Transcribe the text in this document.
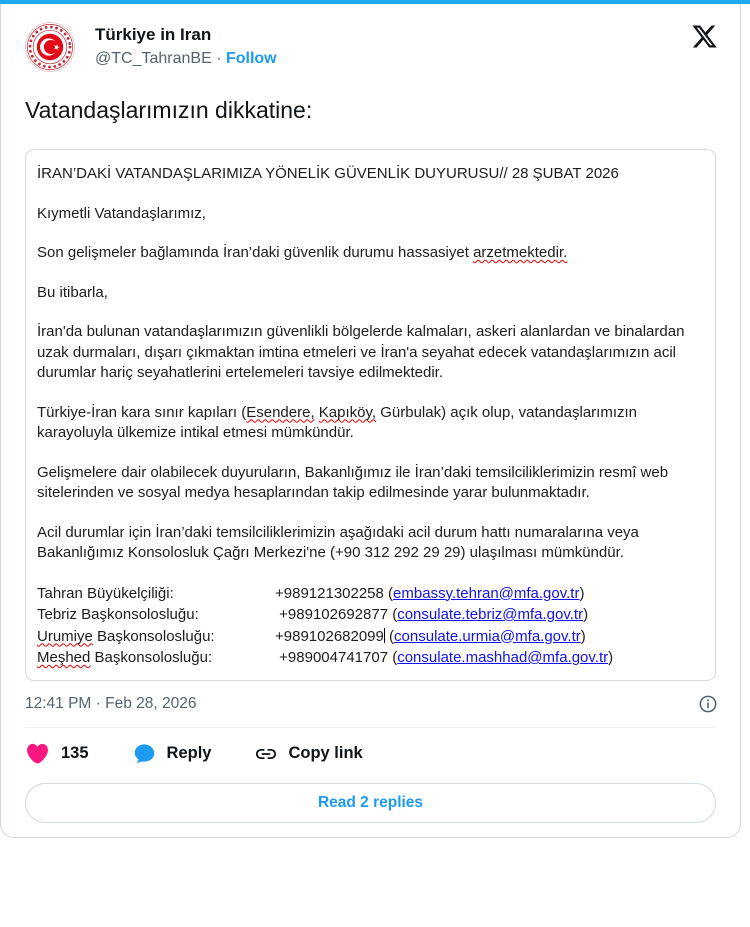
Türkiye in Iran
@TC_TahranBE · Follow
Vatandaşlarımızın dikkatine:

İRAN’DAKİ VATANDAŞLARIMIZA YÖNELİK GÜVENLİK DUYURUSU// 28 ŞUBAT 2026

Kıymetli Vatandaşlarımız,

Son gelişmeler bağlamında İran’daki güvenlik durumu hassasiyet arzetmektedir.

Bu itibarla,

İran'da bulunan vatandaşlarımızın güvenlikli bölgelerde kalmaları, askeri alanlardan ve binalardan uzak durmaları, dışarı çıkmaktan imtina etmeleri ve İran'a seyahat edecek vatandaşlarımızın acil durumlar hariç seyahatlerini ertelemeleri tavsiye edilmektedir.

Türkiye-İran kara sınır kapıları (Esendere, Kapıköy, Gürbulak) açık olup, vatandaşlarımızın karayoluyla ülkemize intikal etmesi mümkündür.

Gelişmelere dair olabilecek duyuruların, Bakanlığımız ile İran’daki temsilciliklerimizin resmî web sitelerinden ve sosyal medya hesaplarından takip edilmesinde yarar bulunmaktadır.

Acil durumlar için İran’daki temsilciliklerimizin aşağıdaki acil durum hattı numaralarına veya Bakanlığımız Konsolosluk Çağrı Merkezi'ne (+90 312 292 29 29) ulaşılması mümkündür.

Tahran Büyükelçiliği:	+989121302258 (embassy.tehran@mfa.gov.tr)
Tebriz Başkonsolosluğu:	+989102692877 (consulate.tebriz@mfa.gov.tr)
Urumiye Başkonsolosluğu:	+989102682099 (consulate.urmia@mfa.gov.tr)
Meşhed Başkonsolosluğu:	+989004741707 (consulate.mashhad@mfa.gov.tr)
12:41 PM · Feb 28, 2026
135	Reply	Copy link
Read 2 replies
